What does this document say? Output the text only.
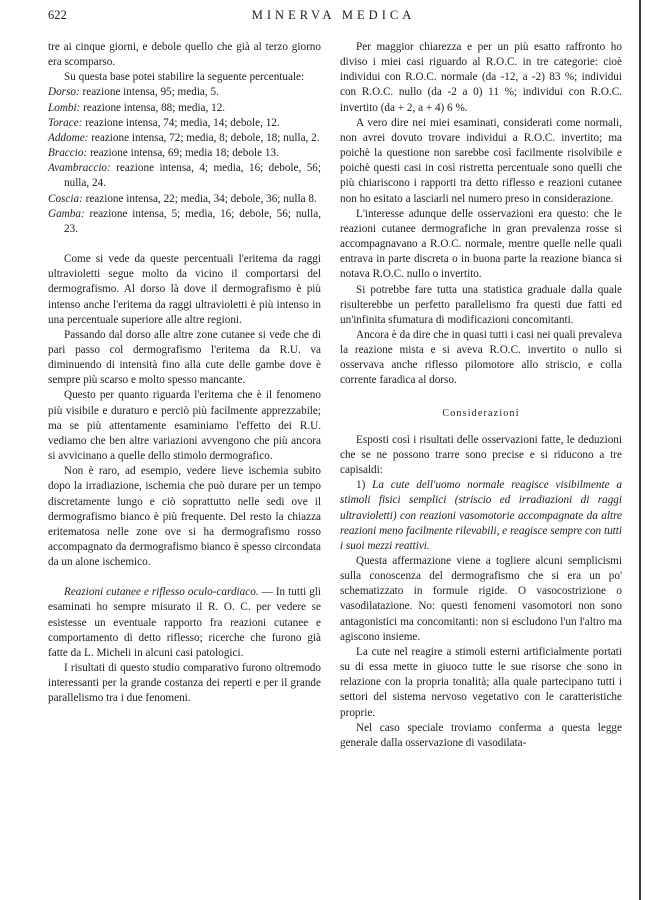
622	MINERVA MEDICA

tre ai cinque giorni, e debole quello che già al terzo giorno era scomparso.

Su questa base potei stabilire la seguente percentuale:

Dorso: reazione intensa, 95; media, 5.
Lombi: reazione intensa, 88; media, 12.
Torace: reazione intensa, 74; media, 14; debole, 12.
Addome: reazione intensa, 72; media, 8; debole, 18; nulla, 2.
Braccio: reazione intensa, 69; media 18; debole 13.
Avambraccio: reazione intensa, 4; media, 16; debole, 56; nulla, 24.
Coscia: reazione intensa, 22; media, 34; debole, 36; nulla 8.
Gamba: reazione intensa, 5; media, 16; debole, 56; nulla, 23.

Come si vede da queste percentuali l'eritema da raggi ultravioletti segue molto da vicino il comportarsi del dermografismo. Al dorso là dove il dermografismo è più intenso anche l'eritema da raggi ultravioletti è più intenso in una percentuale superiore alle altre regioni.

Passando dal dorso alle altre zone cutanee si vede che di pari passo col dermografismo l'eritema da R.U. va diminuendo di intensità fino alla cute delle gambe dove è sempre più scarso e molto spesso mancante.

Questo per quanto riguarda l'eritema che è il fenomeno più visibile e duraturo e perciò più facilmente apprezzabile; ma se più attentamente esaminiamo l'effetto dei R.U. vediamo che ben altre variazioni avvengono che più ancora si avvicinano a quelle dello stimolo dermografico.

Non è raro, ad esempio, vedere lieve ischemia subito dopo la irradiazione, ischemia che può durare per un tempo discretamente lungo e ciò soprattutto nelle sedi ove il dermografismo bianco è più frequente. Del resto la chiazza eritematosa nelle zone ove si ha dermografismo rosso accompagnato da dermografismo bianco è spesso circondata da un alone ischemico.

Reazioni cutanee e riflesso oculo-cardiaco. — In tutti gli esaminati ho sempre misurato il R. O. C. per vedere se esistesse un eventuale rapporto fra reazioni cutanee e comportamento di detto riflesso; ricerche che furono già fatte da L. Micheli in alcuni casi patologici.

I risultati di questo studio comparativo furono oltremodo interessanti per la grande costanza dei reperti e per il grande parallelismo tra i due fenomeni.

Per maggior chiarezza e per un più esatto raffronto ho diviso i miei casi riguardo al R.O.C. in tre categorie: cioè individui con R.O.C. normale (da -12, a -2) 83 %; individui con R.O.C. nullo (da -2 a 0) 11 %; individui con R.O.C. invertito (da + 2, a + 4) 6 %.

A vero dire nei miei esaminati, considerati come normali, non avrei dovuto trovare individui a R.O.C. invertito; ma poichè la questione non sarebbe così facilmente risolvibile e poichè questi casi in così ristretta percentuale sono quelli che più chiariscono i rapporti tra detto riflesso e reazioni cutanee non ho esitato a lasciarli nel numero preso in considerazione.

L'interesse adunque delle osservazioni era questo: che le reazioni cutanee dermografiche in gran prevalenza rosse si accompagnavano a R.O.C. normale, mentre quelle nelle quali entrava in parte discreta o in buona parte la reazione bianca si notava R.O.C. nullo o invertito.

Si potrebbe fare tutta una statistica graduale dalla quale risulterebbe un perfetto parallelismo fra questi due fatti ed un'infinita sfumatura di modificazioni concomitanti.

Ancora è da dire che in quasi tutti i casi nei quali prevaleva la reazione mista e si aveva R.O.C. invertito o nullo si osservava anche riflesso pilomotore allo striscio, e colla corrente faradica al dorso.

Considerazioni

Esposti così i risultati delle osservazioni fatte, le deduzioni che se ne possono trarre sono precise e si riducono a tre capisaldi:

1) La cute dell'uomo normale reagisce visibilmente a stimoli fisici semplici (striscio ed irradiazioni di raggi ultravioletti) con reazioni vasomotorie accompagnate da altre reazioni meno facilmente rilevabili, e reagisce sempre con tutti i suoi mezzi reattivi.

Questa affermazione viene a togliere alcuni semplicismi sulla conoscenza del dermografismo che si era un po' schematizzato in formule rigide. O vasocostrizione o vasodilatazione. No: questi fenomeni vasomotori non sono antagonistici ma concomitanti: non si escludono l'un l'altro ma agiscono insieme.

La cute nel reagire a stimoli esterni artificialmente portati su di essa mette in giuoco tutte le sue risorse che sono in relazione con la propria tonalità; alla quale partecipano tutti i settori del sistema nervoso vegetativo con le caratteristiche proprie.

Nel caso speciale troviamo conferma a questa legge generale dalla osservazione di vasodilata-
